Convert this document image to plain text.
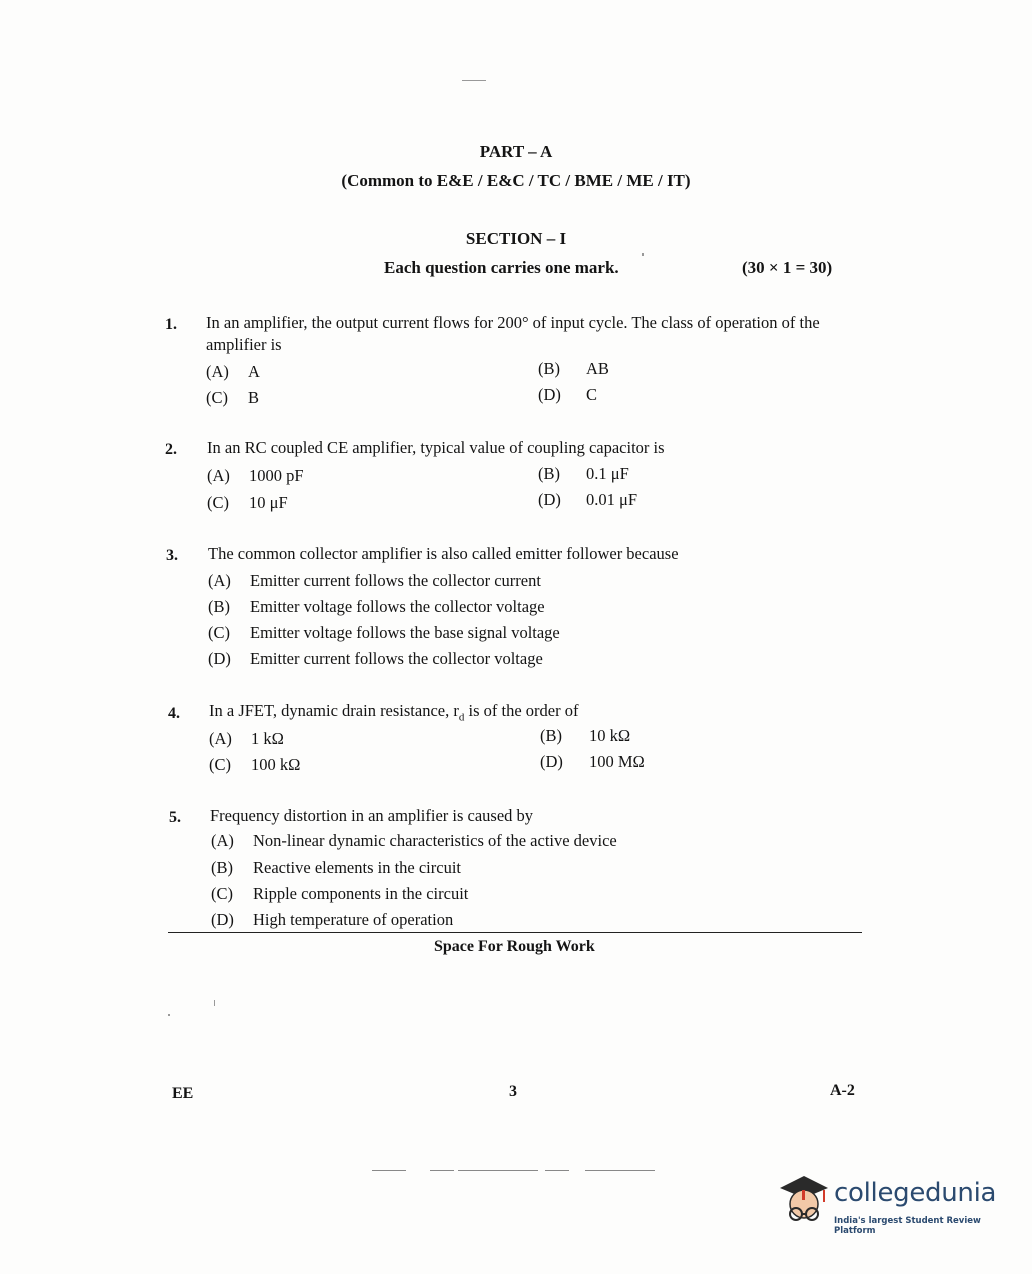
PART – A
(Common to E&E / E&C / TC / BME / ME / IT)
SECTION – I
Each question carries one mark.	(30 × 1 = 30)
1. In an amplifier, the output current flows for 200° of input cycle. The class of operation of the amplifier is
(A) A	(B) AB
(C) B	(D) C
2. In an RC coupled CE amplifier, typical value of coupling capacitor is
(A) 1000 pF	(B) 0.1 μF
(C) 10 μF	(D) 0.01 μF
3. The common collector amplifier is also called emitter follower because
(A) Emitter current follows the collector current
(B) Emitter voltage follows the collector voltage
(C) Emitter voltage follows the base signal voltage
(D) Emitter current follows the collector voltage
4. In a JFET, dynamic drain resistance, $r_d$ is of the order of
(A) 1 kΩ	(B) 10 kΩ
(C) 100 kΩ	(D) 100 MΩ
5. Frequency distortion in an amplifier is caused by
(A) Non-linear dynamic characteristics of the active device
(B) Reactive elements in the circuit
(C) Ripple components in the circuit
(D) High temperature of operation
Space For Rough Work
EE	3	A-2
collegedunia
India's largest Student Review Platform
